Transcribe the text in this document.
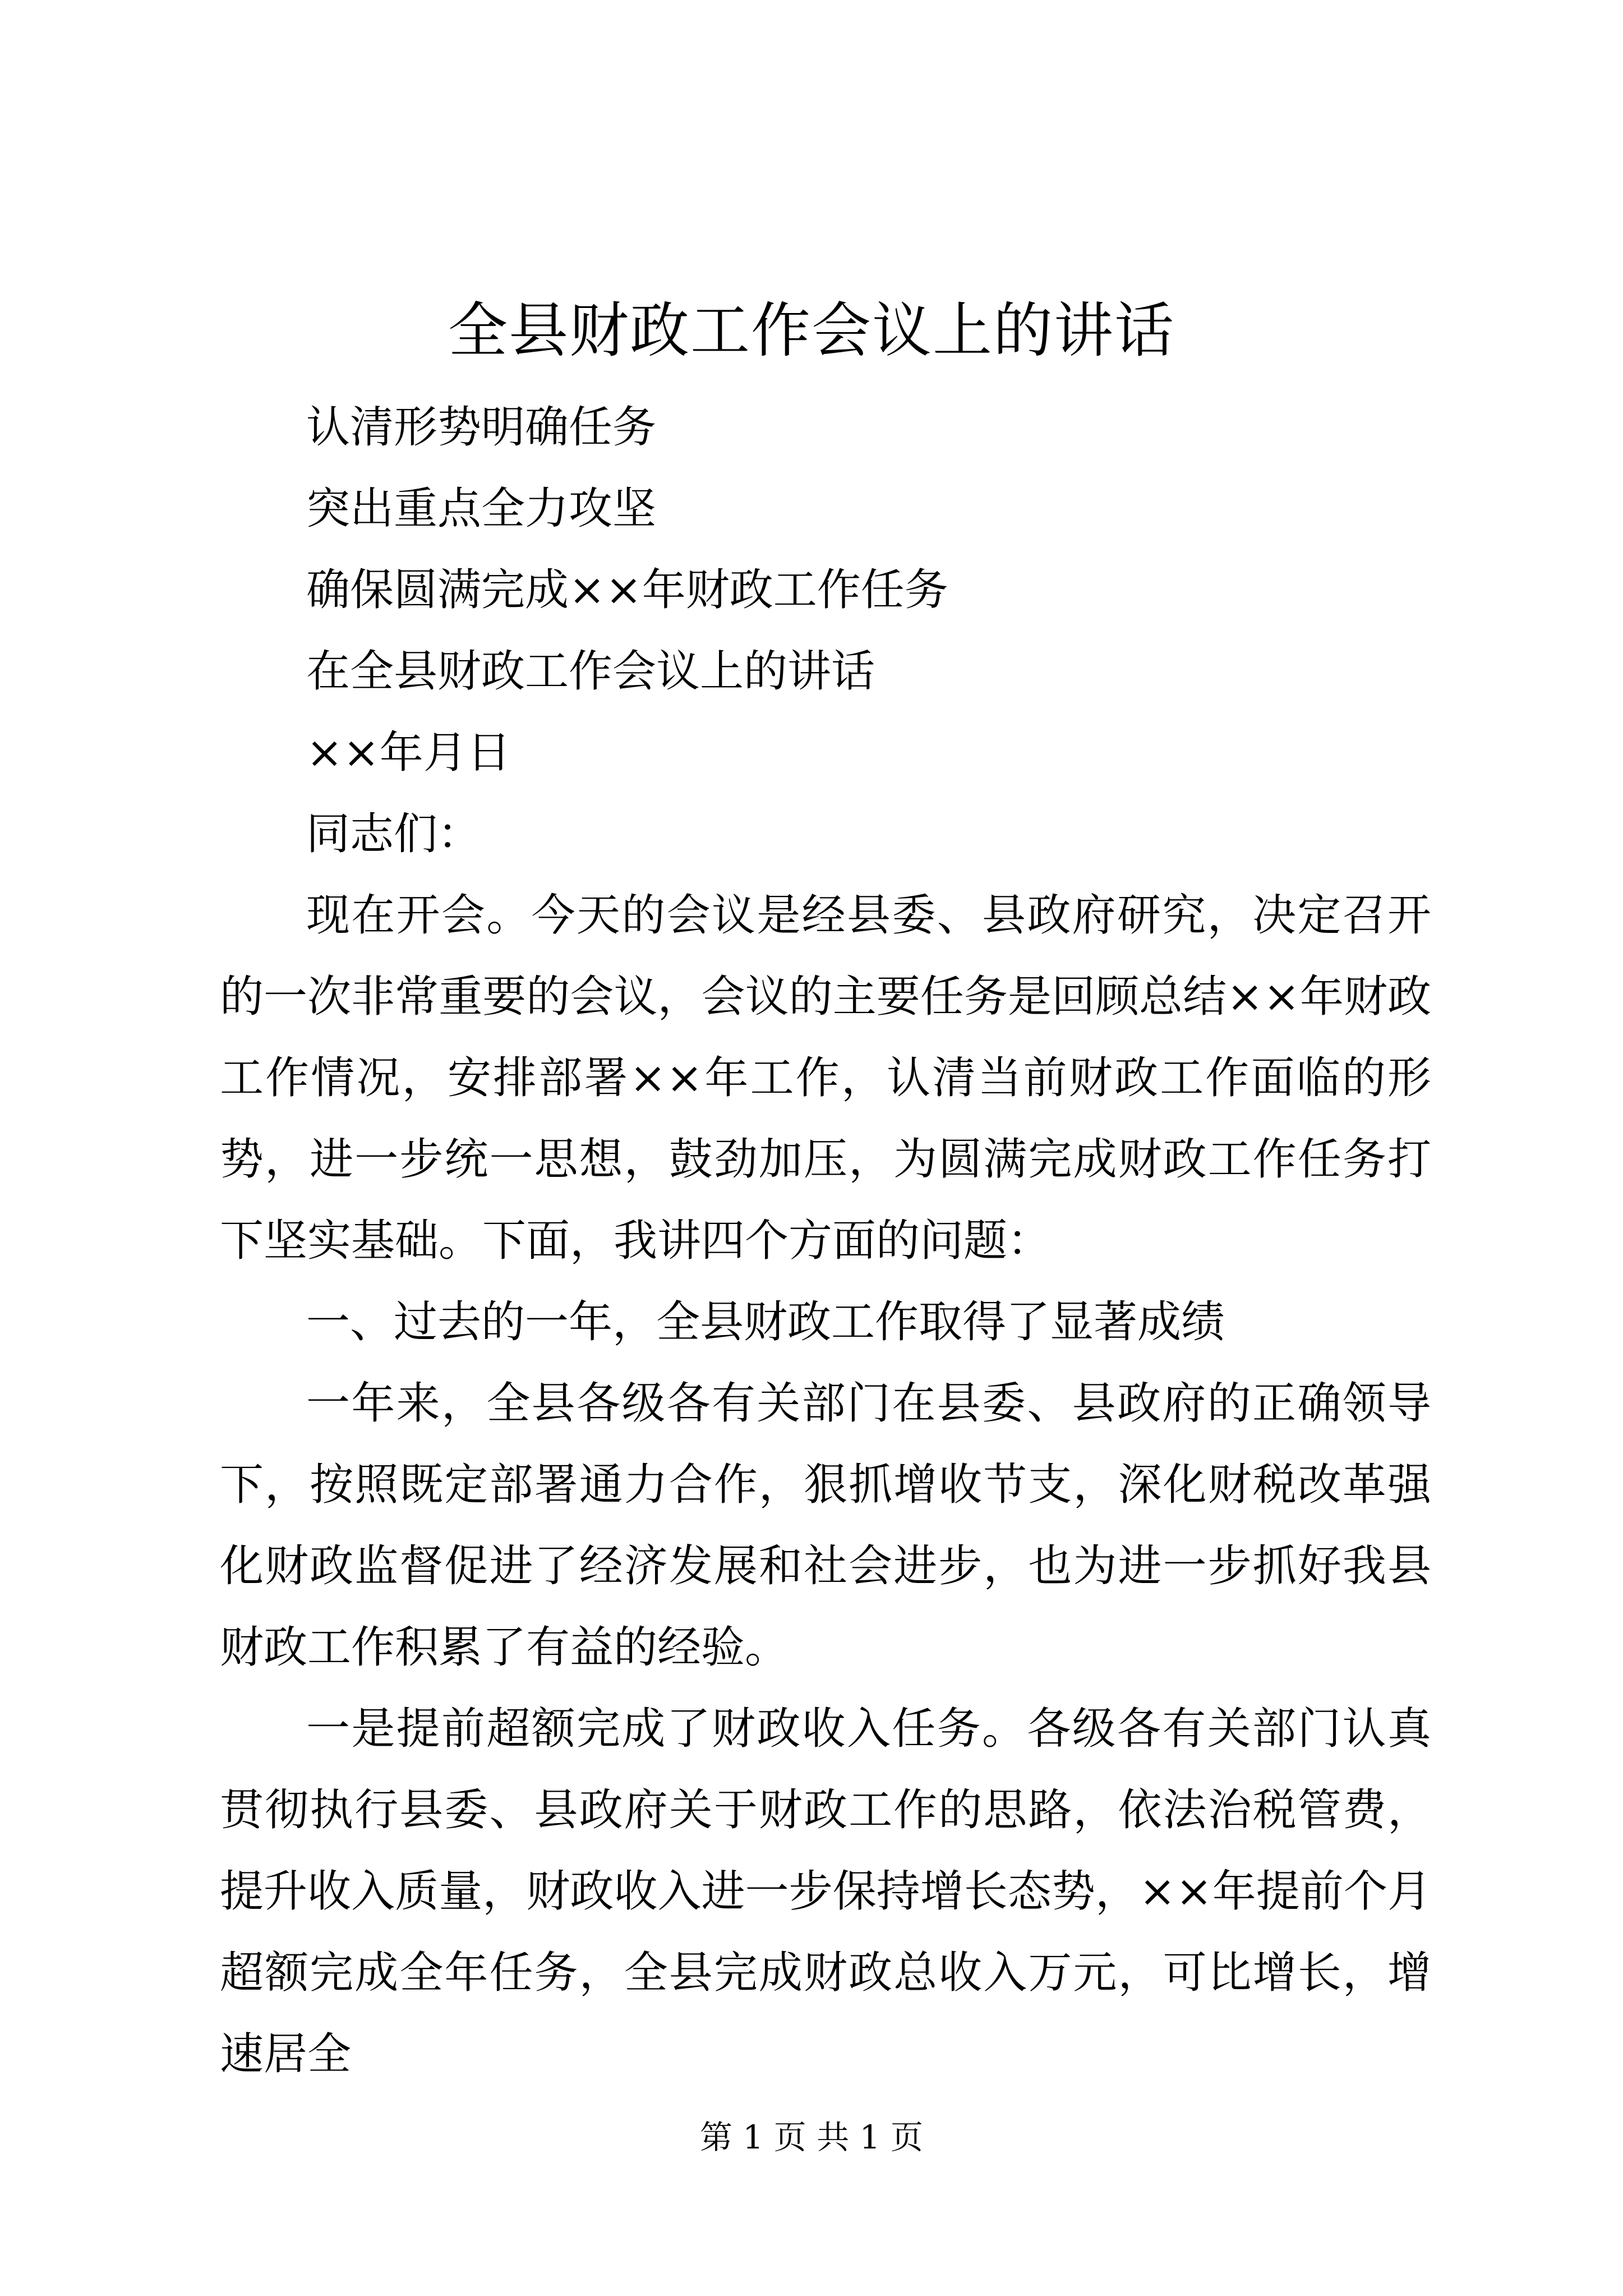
全县财政工作会议上的讲话

认清形势明确任务

突出重点全力攻坚

确保圆满完成××年财政工作任务

在全县财政工作会议上的讲话

××年月日

同志们：

现在开会。今天的会议是经县委、县政府研究，决定召开的一次非常重要的会议，会议的主要任务是回顾总结××年财政工作情况，安排部署××年工作，认清当前财政工作面临的形势，进一步统一思想，鼓劲加压，为圆满完成财政工作任务打下坚实基础。下面，我讲四个方面的问题：

一、过去的一年，全县财政工作取得了显著成绩

一年来，全县各级各有关部门在县委、县政府的正确领导下，按照既定部署通力合作，狠抓增收节支，深化财税改革强化财政监督促进了经济发展和社会进步，也为进一步抓好我县财政工作积累了有益的经验。

一是提前超额完成了财政收入任务。各级各有关部门认真贯彻执行县委、县政府关于财政工作的思路，依法治税管费，提升收入质量，财政收入进一步保持增长态势，××年提前个月超额完成全年任务，全县完成财政总收入万元，可比增长，增速居全

第 1 页 共 1 页
